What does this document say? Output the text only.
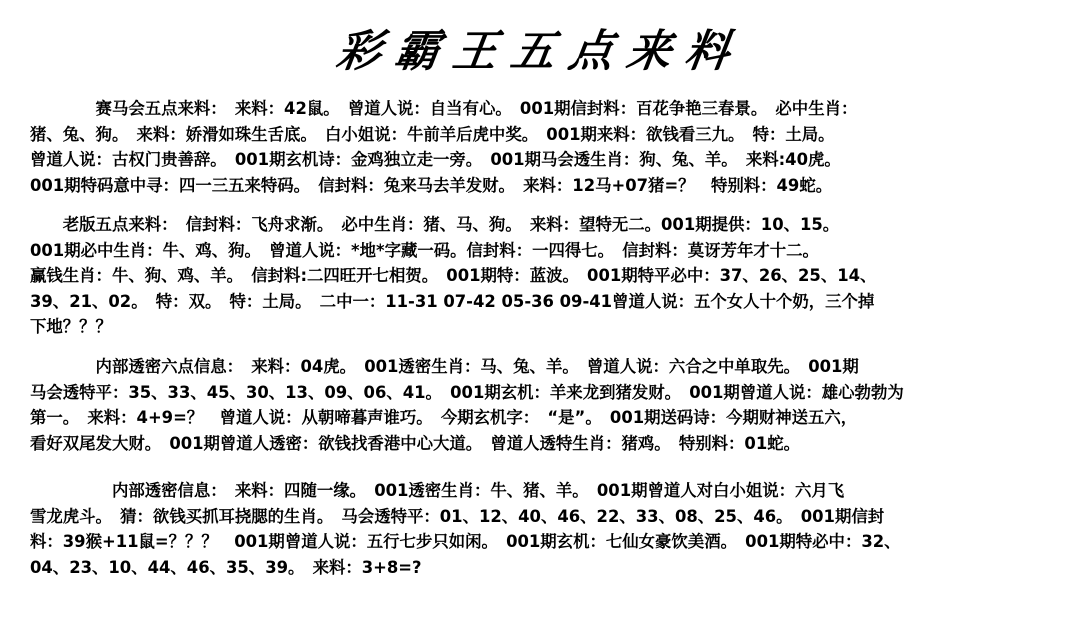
彩霸王五点来料
　　　　赛马会五点来料：　来料：42鼠。　曾道人说：自当有心。　001期信封料：百花争艳三春景。　必中生肖：
猪、兔、狗。　来料：娇滑如珠生舌底。　白小姐说：牛前羊后虎中奖。　001期来料：欲钱看三九。　特：土局。
曾道人说：古权门贵善辞。　001期玄机诗：金鸡独立走一旁。　001期马会透生肖：狗、兔、羊。　来料:40虎。
001期特码意中寻：四一三五来特码。　信封料：兔来马去羊发财。　来料：12马+07猪=？　特别料：49蛇。
　　老版五点来料：　信封料：飞舟求渐。　必中生肖：猪、马、狗。　来料：望特无二。001期提供：10、15。
001期必中生肖：牛、鸡、狗。　曾道人说：*地*字藏一码。信封料：一四得七。　信封料：莫讶芳年才十二。
赢钱生肖：牛、狗、鸡、羊。　信封料:二四旺开七相贺。　001期特：蓝波。　001期特平必中：37、26、25、14、
39、21、02。　特：双。　特：土局。　二中一：11-31 07-42 05-36 09-41曾道人说：五个女人十个奶，三个掉
下地？？？
　　　　内部透密六点信息：　来料：04虎。　001透密生肖：马、兔、羊。　曾道人说：六合之中单取先。　001期
马会透特平：35、33、45、30、13、09、06、41。　001期玄机：羊来龙到猪发财。　001期曾道人说：雄心勃勃为
第一。　来料：4+9=？　曾道人说：从朝啼暮声谁巧。　今期玄机字：　“是”。　001期送码诗：今期财神送五六，
看好双尾发大财。　001期曾道人透密：欲钱找香港中心大道。　曾道人透特生肖：猪鸡。　特别料：01蛇。
　　　　　内部透密信息：　来料：四随一缘。　001透密生肖：牛、猪、羊。　001期曾道人对白小姐说：六月飞
雪龙虎斗。　猜：欲钱买抓耳挠腮的生肖。　马会透特平：01、12、40、46、22、33、08、25、46。　001期信封
料：39猴+11鼠=？？？　001期曾道人说：五行七步只如闲。　001期玄机：七仙女豪饮美酒。　001期特必中：32、
04、23、10、44、46、35、39。　来料：3+8=?
